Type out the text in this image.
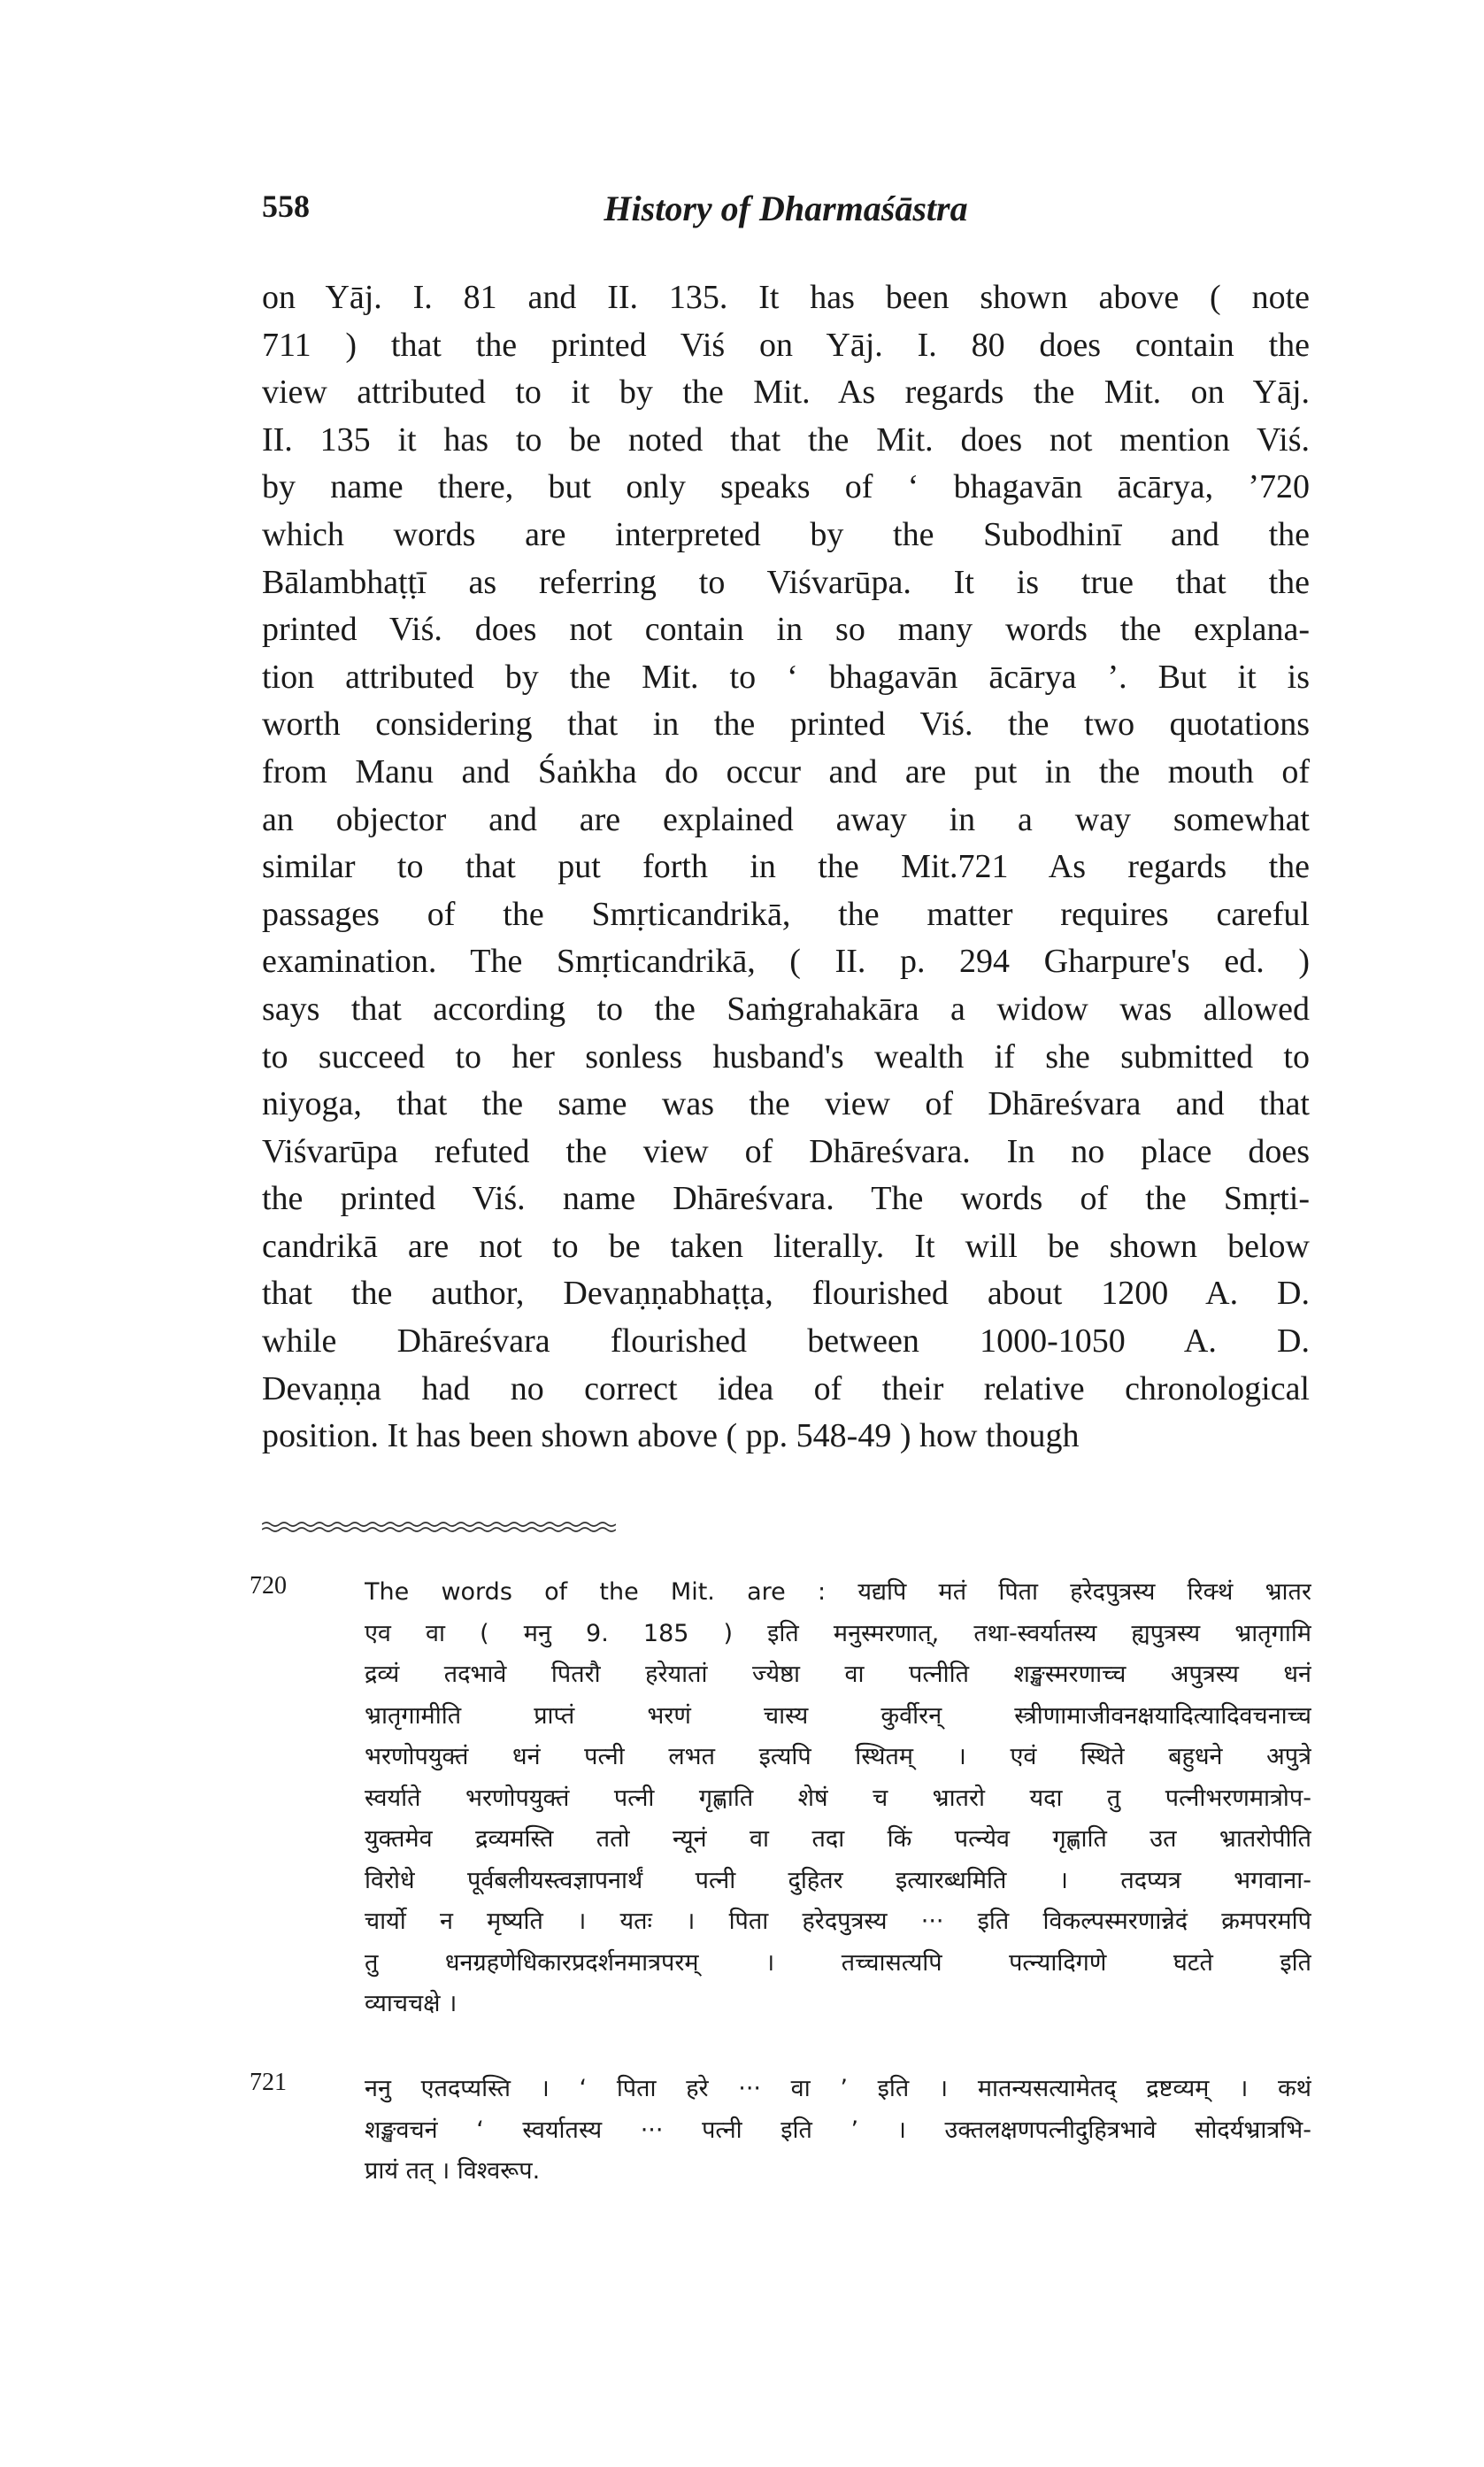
558	History of Dharmaśāstra
on Yāj. I. 81 and II. 135. It has been shown above ( note
711 ) that the printed Viś on Yāj. I. 80 does contain the
view attributed to it by the Mit. As regards the Mit. on Yāj.
II. 135 it has to be noted that the Mit. does not mention Viś.
by name there, but only speaks of ‘ bhagavān ācārya, ’720
which words are interpreted by the Subodhinī and the
Bālambhaṭṭī as referring to Viśvarūpa. It is true that the
printed Viś. does not contain in so many words the explana-
tion attributed by the Mit. to ‘ bhagavān ācārya ’. But it is
worth considering that in the printed Viś. the two quotations
from Manu and Śaṅkha do occur and are put in the mouth of
an objector and are explained away in a way somewhat
similar to that put forth in the Mit.721 As regards the
passages of the Smṛticandrikā, the matter requires careful
examination. The Smṛticandrikā, ( II. p. 294 Gharpure's ed. )
says that according to the Saṁgrahakāra a widow was allowed
to succeed to her sonless husband's wealth if she submitted to
niyoga, that the same was the view of Dhāreśvara and that
Viśvarūpa refuted the view of Dhāreśvara. In no place does
the printed Viś. name Dhāreśvara. The words of the Smṛti-
candrikā are not to be taken literally. It will be shown below
that the author, Devaṇṇabhaṭṭa, flourished about 1200 A. D.
while Dhāreśvara flourished between 1000-1050 A. D.
Devaṇṇa had no correct idea of their relative chronological
position. It has been shown above ( pp. 548-49 ) how though
720	The words of the Mit. are : यद्यपि मतं पिता हरेदपुत्रस्य रिक्थं भ्रातर
एव वा ( मनु 9. 185 ) इति मनुस्मरणात्, तथा-स्वर्यातस्य ह्यपुत्रस्य भ्रातृगामि
द्रव्यं तदभावे पितरौ हरेयातां ज्येष्ठा वा पत्नीति शङ्खस्मरणाच्च अपुत्रस्य धनं
भ्रातृगामीति प्राप्तं भरणं चास्य कुर्वीरन् स्त्रीणामाजीवनक्षयादित्यादिवचनाच्च
भरणोपयुक्तं धनं पत्नी लभत इत्यपि स्थितम् । एवं स्थिते बहुधने अपुत्रे
स्वर्याते भरणोपयुक्तं पत्नी गृह्णाति शेषं च भ्रातरो यदा तु पत्नीभरणमात्रोप-
युक्तमेव द्रव्यमस्ति ततो न्यूनं वा तदा किं पत्न्येव गृह्णाति उत भ्रातरोपीति
विरोधे पूर्वबलीयस्त्वज्ञापनार्थं पत्नी दुहितर इत्यारब्धमिति । तदप्यत्र भगवाना-
चार्यो न मृष्यति । यतः । पिता हरेदपुत्रस्य ··· इति विकल्पस्मरणान्नेदं क्रमपरमपि
तु धनग्रहणेधिकारप्रदर्शनमात्रपरम् । तच्चासत्यपि पत्न्यादिगणे घटते इति
व्याचचक्षे ।
721	ननु एतदप्यस्ति । ‘ पिता हरे ··· वा ’ इति । मातन्यसत्यामेतद् द्रष्टव्यम् । कथं
शङ्खवचनं ‘ स्वर्यातस्य ··· पत्नी इति ’ । उक्तलक्षणपत्नीदुहित्रभावे सोदर्यभ्रात्रभि-
प्रायं तत् । विश्वरूप.
